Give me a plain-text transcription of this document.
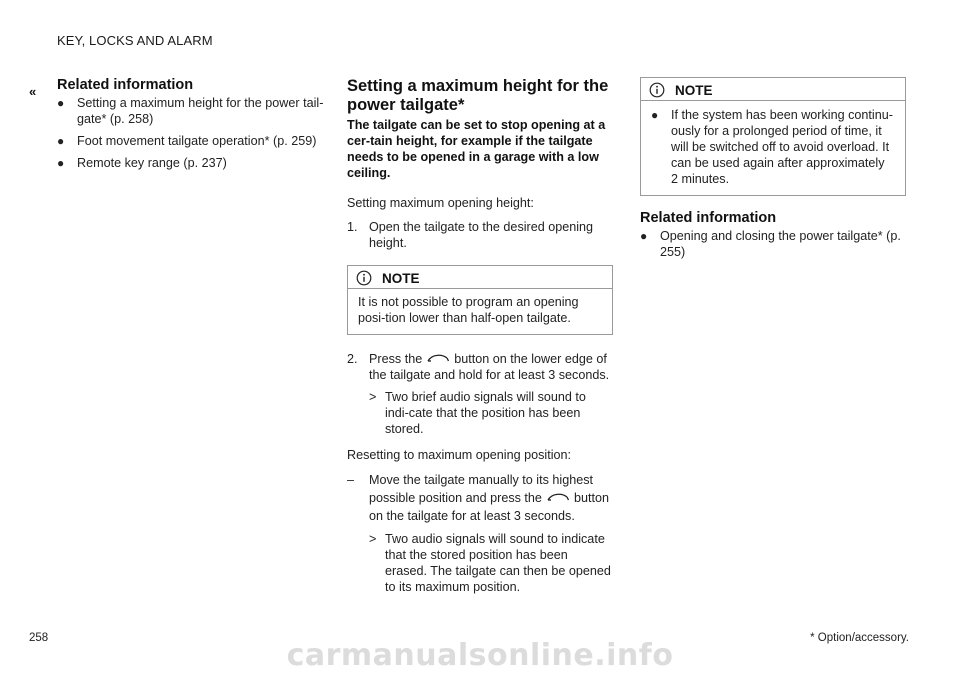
KEY, LOCKS AND ALARM
« Related information
● Setting a maximum height for the power tail-gate* (p. 258)
● Foot movement tailgate operation* (p. 259)
● Remote key range (p. 237)
Setting a maximum height for the
power tailgate*
The tailgate can be set to stop opening at a cer-tain height, for example if the tailgate needs to be opened in a garage with a low ceiling.
Setting maximum opening height:
1. Open the tailgate to the desired opening height.
NOTE
It is not possible to program an opening posi-tion lower than half-open tailgate.
2. Press the	button on the lower edge of the tailgate and hold for at least 3 seconds.
> Two brief audio signals will sound to indi-cate that the position has been stored.
Resetting to maximum opening position:
– Move the tailgate manually to its highest possible position and press the	button on the tailgate for at least 3 seconds.
> Two audio signals will sound to indicate that the stored position has been erased. The tailgate can then be opened to its maximum position.
NOTE
● If the system has been working continu-ously for a prolonged period of time, it will be switched off to avoid overload. It can be used again after approximately 2 minutes.
Related information
● Opening and closing the power tailgate* (p. 255)
258	* Option/accessory.
carmanualsonline.info
